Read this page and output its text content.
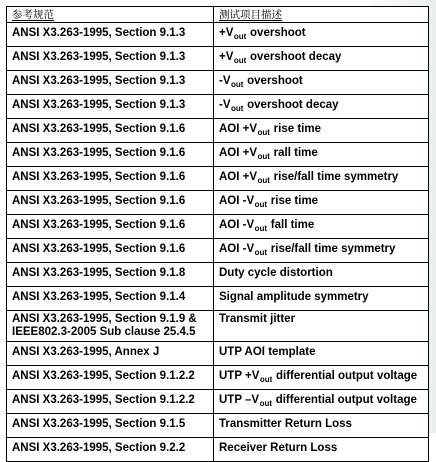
参考规范	测试项目描述
ANSI X3.263-1995, Section 9.1.3	$+V_{out}$ overshoot
ANSI X3.263-1995, Section 9.1.3	$+V_{out}$ overshoot decay
ANSI X3.263-1995, Section 9.1.3	$-V_{out}$ overshoot
ANSI X3.263-1995, Section 9.1.3	$-V_{out}$ overshoot decay
ANSI X3.263-1995, Section 9.1.6	AOI $+V_{out}$ rise time
ANSI X3.263-1995, Section 9.1.6	AOI $+V_{out}$ rall time
ANSI X3.263-1995, Section 9.1.6	AOI $+V_{out}$ rise/fall time symmetry
ANSI X3.263-1995, Section 9.1.6	AOI $-V_{out}$ rise time
ANSI X3.263-1995, Section 9.1.6	AOI $-V_{out}$ fall time
ANSI X3.263-1995, Section 9.1.6	AOI $-V_{out}$ rise/fall time symmetry
ANSI X3.263-1995, Section 9.1.8	Duty cycle distortion
ANSI X3.263-1995, Section 9.1.4	Signal amplitude symmetry
ANSI X3.263-1995, Section 9.1.9 & IEEE802.3-2005 Sub clause 25.4.5	Transmit jitter
ANSI X3.263-1995, Annex J	UTP AOI template
ANSI X3.263-1995, Section 9.1.2.2	UTP $+V_{out}$ differential output voltage
ANSI X3.263-1995, Section 9.1.2.2	UTP $-V_{out}$ differential output voltage
ANSI X3.263-1995, Section 9.1.5	Transmitter Return Loss
ANSI X3.263-1995, Section 9.2.2	Receiver Return Loss
